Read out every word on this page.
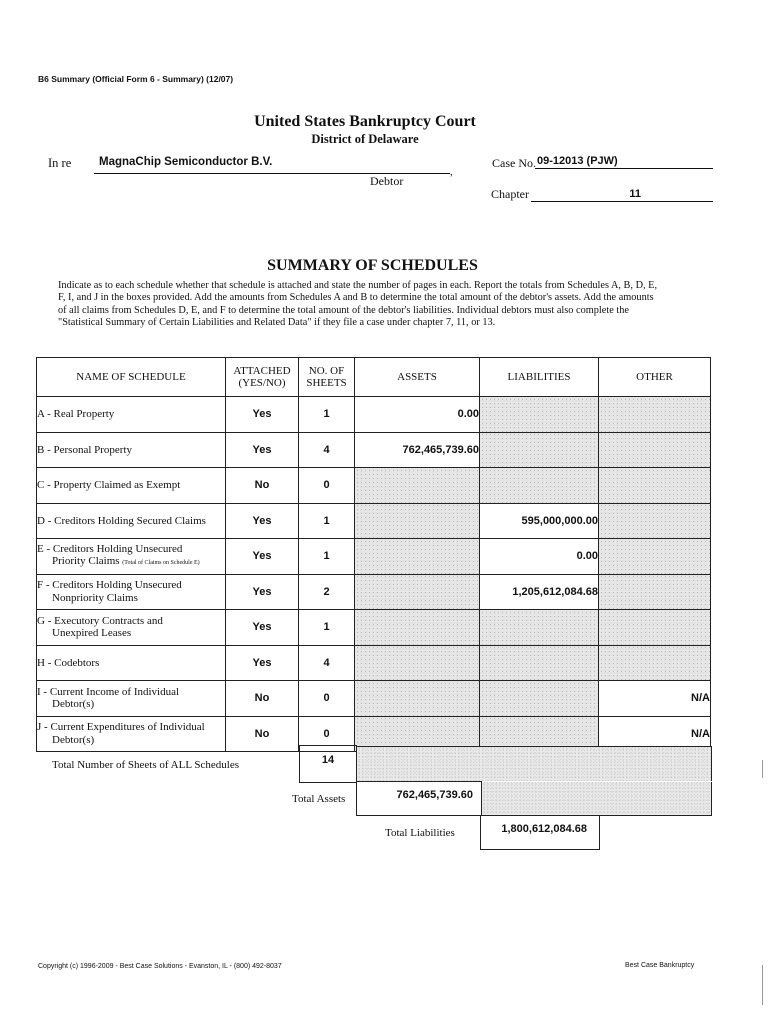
B6 Summary (Official Form 6 - Summary) (12/07)
United States Bankruptcy Court
District of Delaware
In re MagnaChip Semiconductor B.V.
,
Debtor
Case No. 09-12013 (PJW)
Chapter	11
SUMMARY OF SCHEDULES
Indicate as to each schedule whether that schedule is attached and state the number of pages in each. Report the totals from Schedules A, B, D, E, F, I, and J in the boxes provided. Add the amounts from Schedules A and B to determine the total amount of the debtor's assets. Add the amounts of all claims from Schedules D, E, and F to determine the total amount of the debtor's liabilities. Individual debtors must also complete the "Statistical Summary of Certain Liabilities and Related Data" if they file a case under chapter 7, 11, or 13.
NAME OF SCHEDULE	ATTACHED (YES/NO)	NO. OF SHEETS	ASSETS	LIABILITIES	OTHER
A - Real Property	Yes	1	0.00		
B - Personal Property	Yes	4	762,465,739.60		
C - Property Claimed as Exempt	No	0			
D - Creditors Holding Secured Claims	Yes	1		595,000,000.00	
E - Creditors Holding Unsecured
Priority Claims (Total of Claims on Schedule E)	Yes	1		0.00	
F - Creditors Holding Unsecured
Nonpriority Claims	Yes	2		1,205,612,084.68	
G - Executory Contracts and
Unexpired Leases	Yes	1			
H - Codebtors	Yes	4			
I - Current Income of Individual
Debtor(s)	No	0			N/A
J - Current Expenditures of Individual
Debtor(s)	No	0			N/A
Total Number of Sheets of ALL Schedules	14
Total Assets	762,465,739.60
Total Liabilities	1,800,612,084.68
Copyright (c) 1996-2009 - Best Case Solutions - Evanston, IL - (800) 492-8037	Best Case Bankruptcy
